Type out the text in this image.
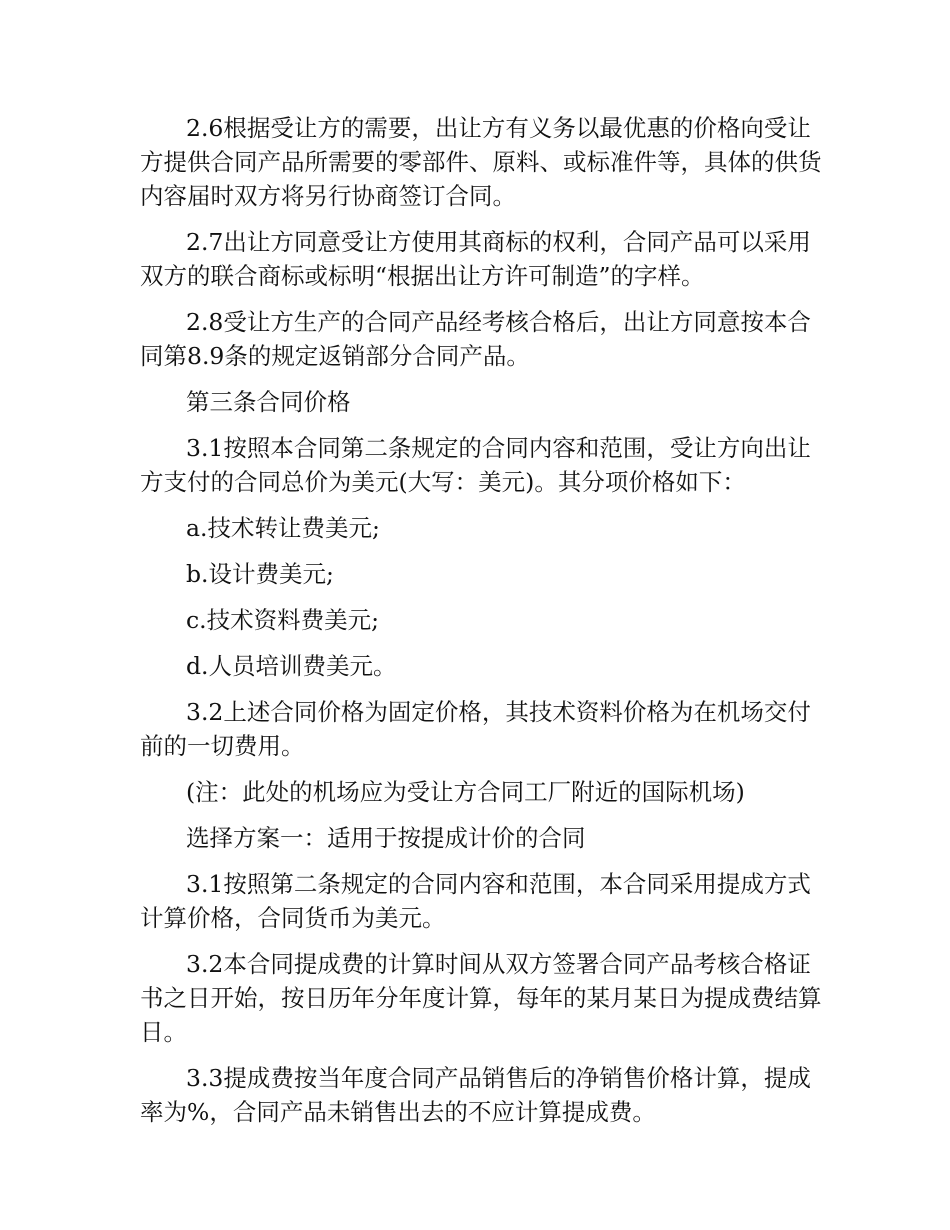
2.6根据受让方的需要，出让方有义务以最优惠的价格向受让方提供合同产品所需要的零部件、原料、或标准件等，具体的供货内容届时双方将另行协商签订合同。

2.7出让方同意受让方使用其商标的权利，合同产品可以采用双方的联合商标或标明“根据出让方许可制造”的字样。

2.8受让方生产的合同产品经考核合格后，出让方同意按本合同第8.9条的规定返销部分合同产品。

第三条合同价格

3.1按照本合同第二条规定的合同内容和范围，受让方向出让方支付的合同总价为美元(大写：美元)。其分项价格如下：

a.技术转让费美元;

b.设计费美元;

c.技术资料费美元;

d.人员培训费美元。

3.2上述合同价格为固定价格，其技术资料价格为在机场交付前的一切费用。

(注：此处的机场应为受让方合同工厂附近的国际机场)

选择方案一：适用于按提成计价的合同

3.1按照第二条规定的合同内容和范围，本合同采用提成方式计算价格，合同货币为美元。

3.2本合同提成费的计算时间从双方签署合同产品考核合格证书之日开始，按日历年分年度计算，每年的某月某日为提成费结算日。

3.3提成费按当年度合同产品销售后的净销售价格计算，提成率为%，合同产品未销售出去的不应计算提成费。
